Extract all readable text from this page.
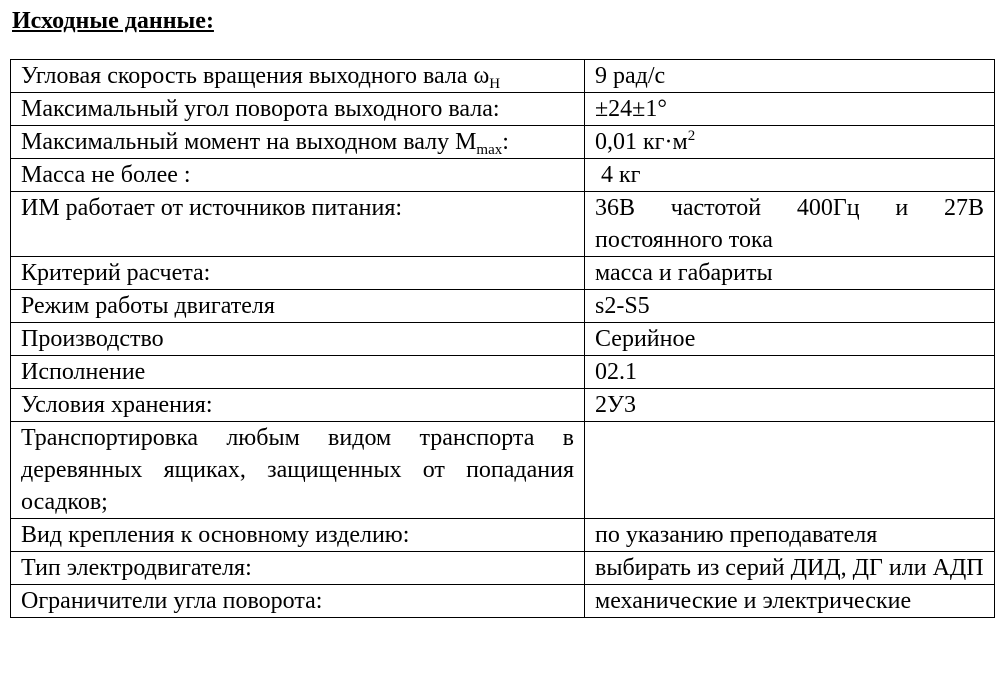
Исходные данные:
Угловая скорость вращения выходного вала $\omega_Н$	9 рад/с
Максимальный угол поворота выходного вала:	±24±1°
Максимальный момент на выходном валу $M_{max}$:	0,01 $кг\cdot м^2$
Масса не более :	4 кг
ИМ работает от источников питания:	36В частотой 400Гц и 27В постоянного тока
Критерий расчета:	масса и габариты
Режим работы двигателя	s2-S5
Производство	Серийное
Исполнение	02.1
Условия хранения:	2У3
Транспортировка любым видом транспорта в деревянных ящиках, защищенных от попадания осадков;	
Вид крепления к основному изделию:	по указанию преподавателя
Тип электродвигателя:	выбирать из серий ДИД, ДГ или АДП
Ограничители угла поворота:	механические и электрические
